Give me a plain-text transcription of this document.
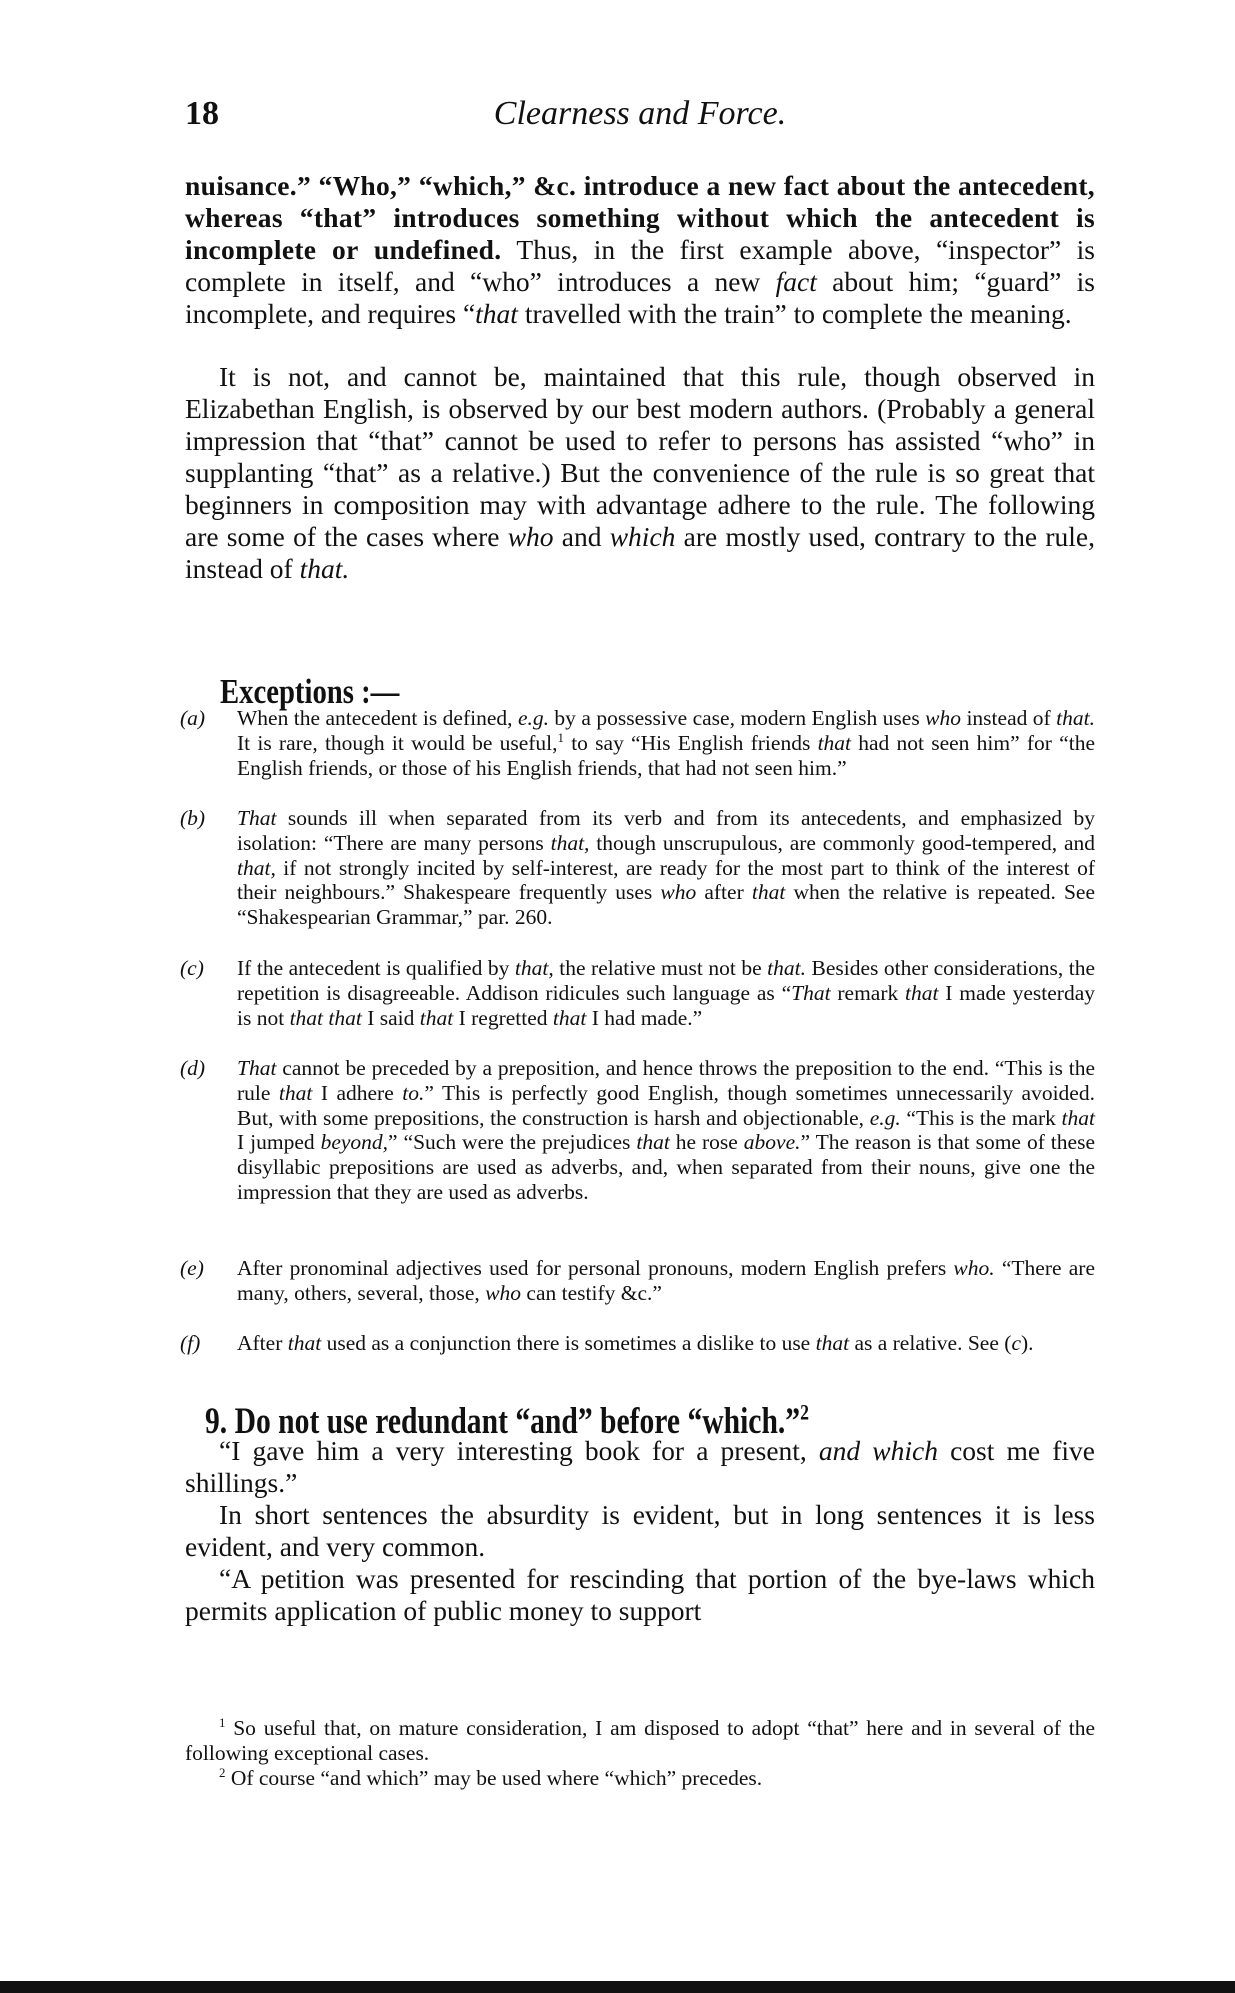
18	Clearness and Force.
nuisance.” “Who,” “which,” &c. introduce a new fact about the antecedent, whereas “that” introduces something without which the antecedent is incomplete or undefined. Thus, in the first example above, “inspector” is complete in itself, and “who” introduces a new fact about him; “guard” is incomplete, and requires “that travelled with the train” to complete the meaning.
It is not, and cannot be, maintained that this rule, though observed in Elizabethan English, is observed by our best modern authors. (Probably a general impression that “that” cannot be used to refer to persons has assisted “who” in supplanting “that” as a relative.) But the convenience of the rule is so great that beginners in composition may with advantage adhere to the rule. The following are some of the cases where who and which are mostly used, contrary to the rule, instead of that.
Exceptions :—
(a) When the antecedent is defined, e.g. by a possessive case, modern English uses who instead of that. It is rare, though it would be useful,$^1$ to say “His English friends that had not seen him” for “the English friends, or those of his English friends, that had not seen him.”
(b) That sounds ill when separated from its verb and from its antecedents, and emphasized by isolation: “There are many persons that, though unscrupulous, are commonly good-tempered, and that, if not strongly incited by self-interest, are ready for the most part to think of the interest of their neighbours.” Shakespeare frequently uses who after that when the relative is repeated. See “Shakespearian Grammar,” par. 260.
(c) If the antecedent is qualified by that, the relative must not be that. Besides other considerations, the repetition is disagreeable. Addison ridicules such language as “That remark that I made yesterday is not that that I said that I regretted that I had made.”
(d) That cannot be preceded by a preposition, and hence throws the preposition to the end. “This is the rule that I adhere to.” This is perfectly good English, though sometimes unnecessarily avoided. But, with some prepositions, the construction is harsh and objectionable, e.g. “This is the mark that I jumped beyond,” “Such were the prejudices that he rose above.” The reason is that some of these disyllabic prepositions are used as adverbs, and, when separated from their nouns, give one the impression that they are used as adverbs.
(e) After pronominal adjectives used for personal pronouns, modern English prefers who. “There are many, others, several, those, who can testify &c.”
(f) After that used as a conjunction there is sometimes a dislike to use that as a relative. See (c).
9. Do not use redundant “and” before “which.”$^2$
“I gave him a very interesting book for a present, and which cost me five shillings.”
In short sentences the absurdity is evident, but in long sentences it is less evident, and very common.
“A petition was presented for rescinding that portion of the bye-laws which permits application of public money to support
$^1$ So useful that, on mature consideration, I am disposed to adopt “that” here and in several of the following exceptional cases.
$^2$ Of course “and which” may be used where “which” precedes.
